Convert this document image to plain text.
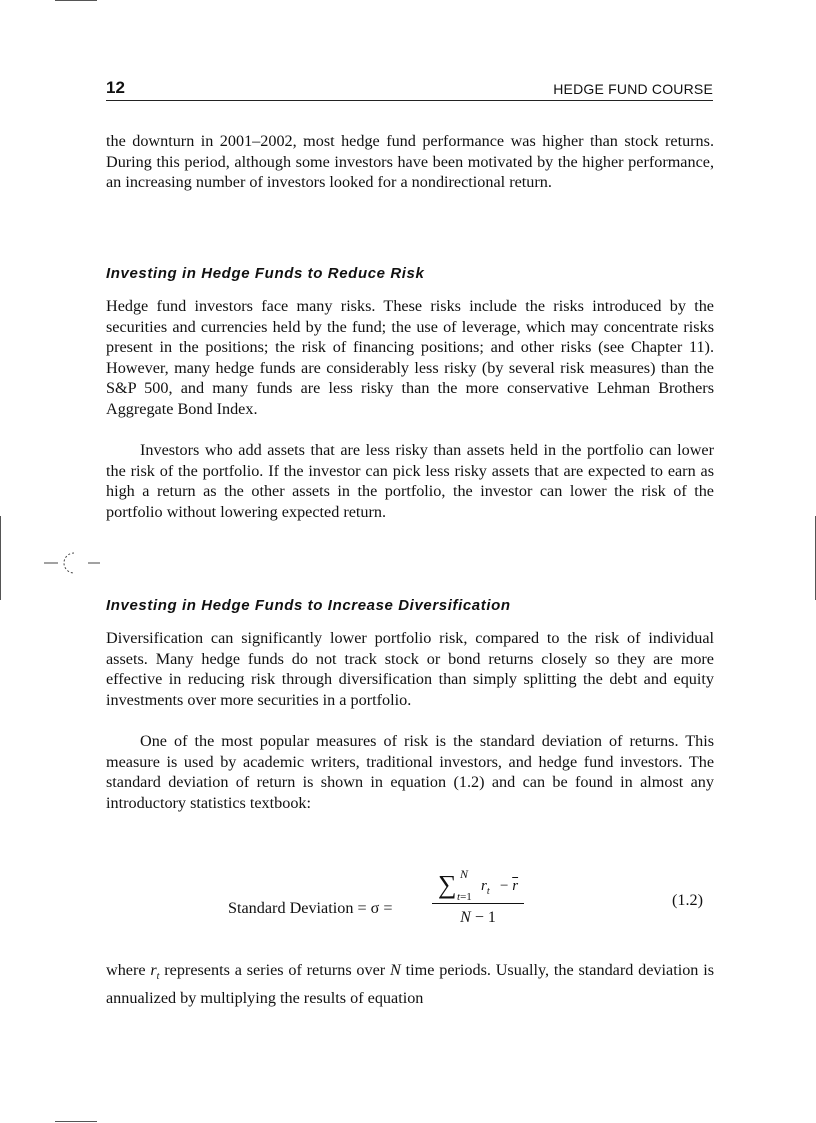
12	HEDGE FUND COURSE

the downturn in 2001–2002, most hedge fund performance was higher than stock returns. During this period, although some investors have been motivated by the higher performance, an increasing number of investors looked for a nondirectional return.

Investing in Hedge Funds to Reduce Risk

Hedge fund investors face many risks. These risks include the risks introduced by the securities and currencies held by the fund; the use of leverage, which may concentrate risks present in the positions; the risk of financing positions; and other risks (see Chapter 11). However, many hedge funds are considerably less risky (by several risk measures) than the S&P 500, and many funds are less risky than the more conservative Lehman Brothers Aggregate Bond Index.

Investors who add assets that are less risky than assets held in the portfolio can lower the risk of the portfolio. If the investor can pick less risky assets that are expected to earn as high a return as the other assets in the portfolio, the investor can lower the risk of the portfolio without lowering expected return.

Investing in Hedge Funds to Increase Diversification

Diversification can significantly lower portfolio risk, compared to the risk of individual assets. Many hedge funds do not track stock or bond returns closely so they are more effective in reducing risk through diversification than simply splitting the debt and equity investments over more securities in a portfolio.

One of the most popular measures of risk is the standard deviation of returns. This measure is used by academic writers, traditional investors, and hedge fund investors. The standard deviation of return is shown in equation (1.2) and can be found in almost any introductory statistics textbook:

Standard Deviation = σ =
∑ N
t=1
$r_t - \overline{r}$
N − 1
(1.2)

where $r_t$ represents a series of returns over N time periods. Usually, the standard deviation is annualized by multiplying the results of equation
